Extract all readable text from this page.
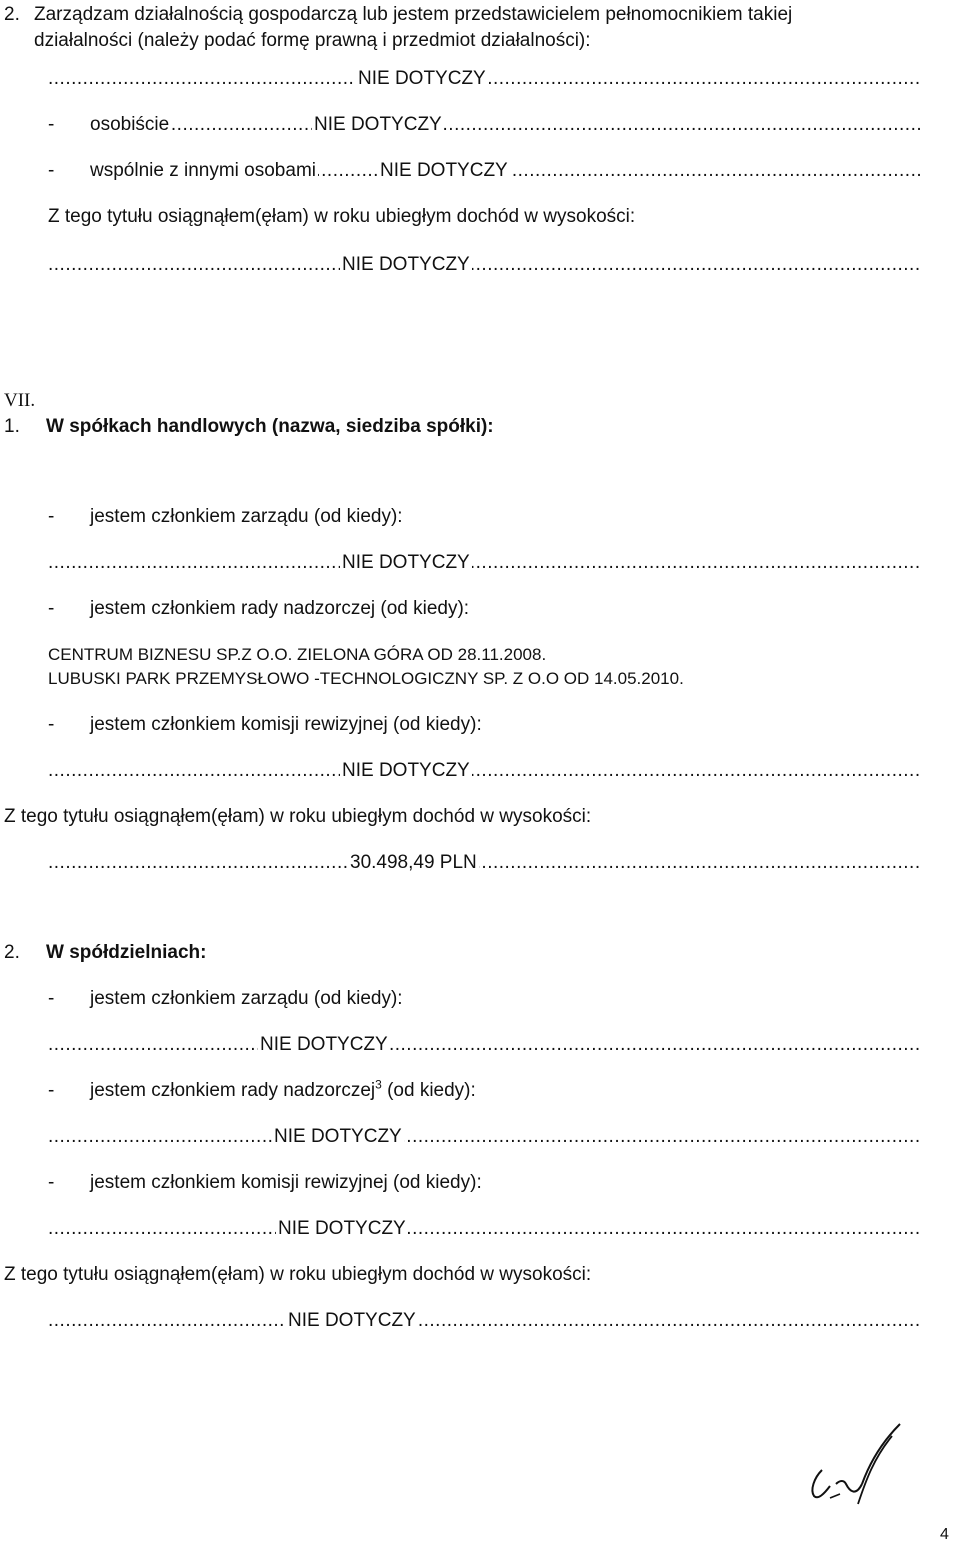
2. Zarządzam działalnością gospodarczą lub jestem przedstawicielem pełnomocnikiem takiej
działalności (należy podać formę prawną i przedmiot działalności):
..... NIE DOTYCZY
- ..... osobiście	NIE DOTYCZY
- ..... wspólnie z innymi osobami	NIE DOTYCZY
Z tego tytułu osiągnąłem(ęłam) w roku ubiegłym dochód w wysokości:
..... NIE DOTYCZY
VII.
1. W spółkach handlowych (nazwa, siedziba spółki):
- jestem członkiem zarządu (od kiedy):
..... NIE DOTYCZY
- jestem członkiem rady nadzorczej (od kiedy):
CENTRUM BIZNESU SP.Z O.O. ZIELONA GÓRA OD 28.11.2008.
LUBUSKI PARK PRZEMYSŁOWO -TECHNOLOGICZNY SP. Z O.O OD 14.05.2010.
- jestem członkiem komisji rewizyjnej (od kiedy):
..... NIE DOTYCZY
Z tego tytułu osiągnąłem(ęłam) w roku ubiegłym dochód w wysokości:
..... 30.498,49 PLN
2. W spółdzielniach:
- jestem członkiem zarządu (od kiedy):
..... NIE DOTYCZY
- jestem członkiem rady nadzorczej$^3$ (od kiedy):
..... NIE DOTYCZY
- jestem członkiem komisji rewizyjnej (od kiedy):
..... NIE DOTYCZY
Z tego tytułu osiągnąłem(ęłam) w roku ubiegłym dochód w wysokości:
..... NIE DOTYCZY
4
